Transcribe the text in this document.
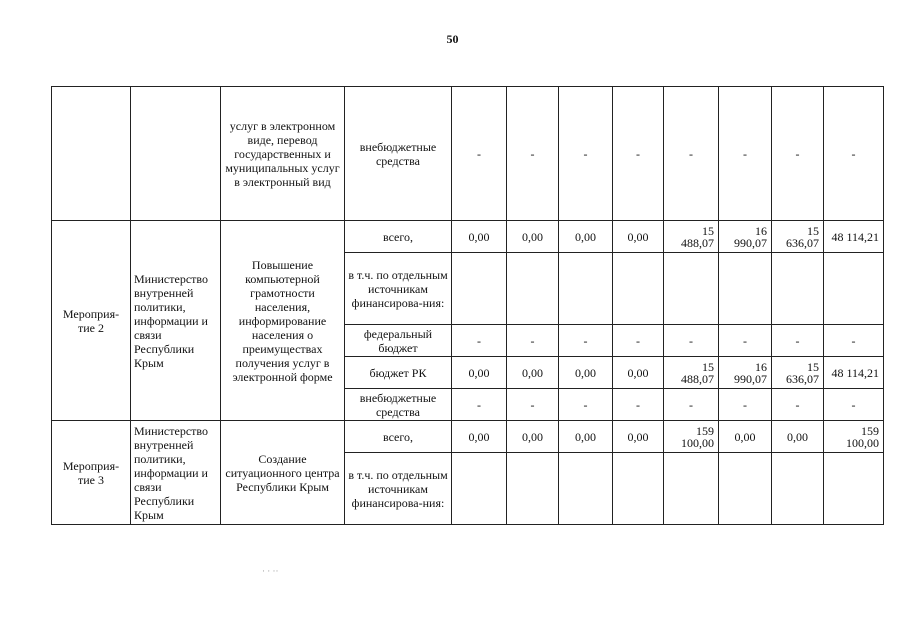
50
		услуг в электронном виде, перевод государственных и муниципальных услуг в электронный вид	внебюджетные средства	-	-	-	-	-	-	-	-
Мероприя-тие 2	Министерство внутренней политики, информации и связи Республики Крым	Повышение компьютерной грамотности населения, информирование населения о преимуществах получения услуг в электронной форме	всего,	0,00	0,00	0,00	0,00	15 488,07	16 990,07	15 636,07	48 114,21
			в т.ч. по отдельным источникам финансирова-ния:								
			федеральный бюджет	-	-	-	-	-	-	-	-
			бюджет РК	0,00	0,00	0,00	0,00	15 488,07	16 990,07	15 636,07	48 114,21
			внебюджетные средства	-	-	-	-	-	-	-	-
Мероприя-тие 3	Министерство внутренней политики, информации и связи Республики Крым	Создание ситуационного центра Республики Крым	всего,	0,00	0,00	0,00	0,00	159 100,00	0,00	0,00	159 100,00
			в т.ч. по отдельным источникам финансирова-ния:								
· · ··
